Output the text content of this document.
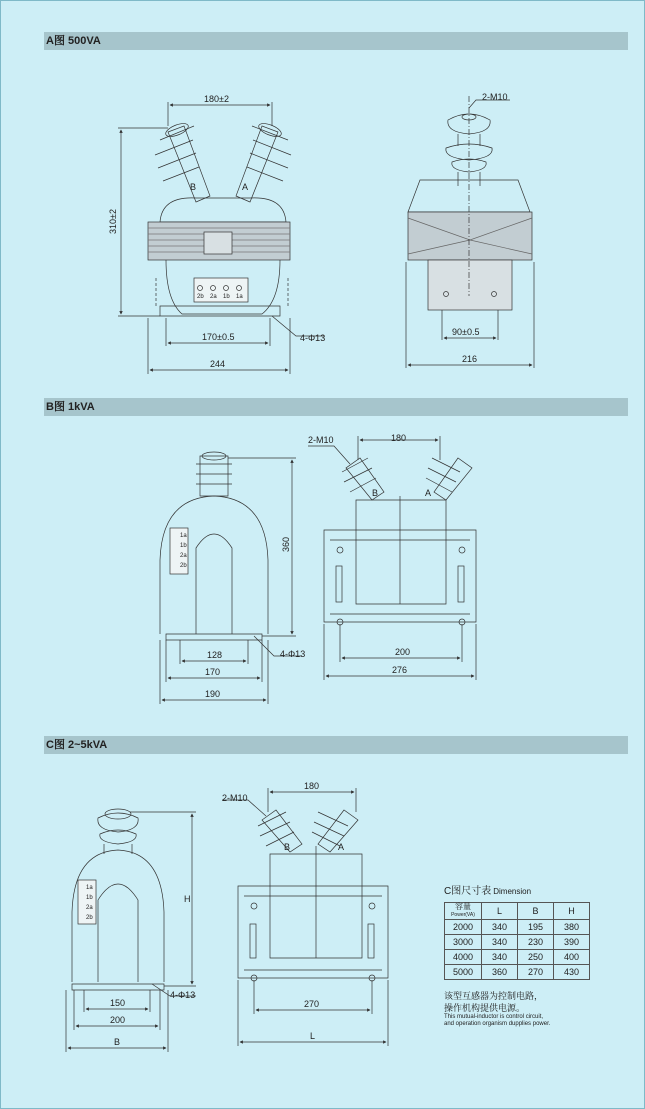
A图 500VA
B图 1kVA
C图 2~5kVA
2b 2a 1b 1a
B	A
180±2
310±2
170±0.5	4-Φ13
244
2-M10
90±0.5
216
1a
1b
2a
2b
360
128
170
190
4-Φ13
B	A
180
2-M10
200
276
1a
1b
2a
2b
H
150
200
B
4-Φ13
B	A
180
2-M10
270
L
C图尺寸表 Dimension
容量
Power(VA)	L	B	H
2000	340	195	380
3000	340	230	390
4000	340	250	400
5000	360	270	430
该型互感器为控制电路，
操作机构提供电源。
This mutual-inductor is control circuit,
and operation organism dupplies power.
